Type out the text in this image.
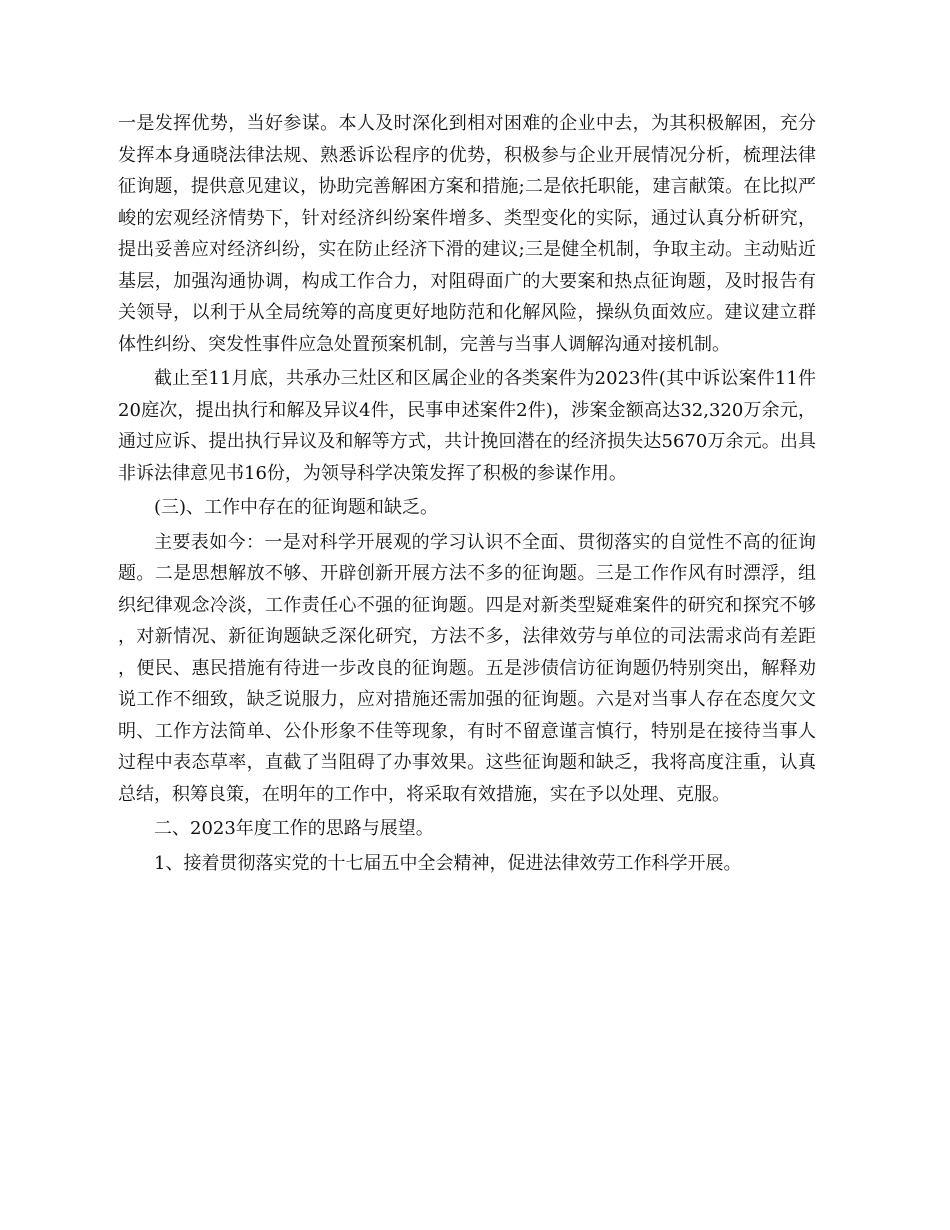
一是发挥优势，当好参谋。本人及时深化到相对困难的企业中去，为其积极解困，充分发挥本身通晓法律法规、熟悉诉讼程序的优势，积极参与企业开展情况分析，梳理法律征询题，提供意见建议，协助完善解困方案和措施;二是依托职能，建言献策。在比拟严峻的宏观经济情势下，针对经济纠纷案件增多、类型变化的实际，通过认真分析研究，提出妥善应对经济纠纷，实在防止经济下滑的建议;三是健全机制，争取主动。主动贴近基层，加强沟通协调，构成工作合力，对阻碍面广的大要案和热点征询题，及时报告有关领导，以利于从全局统筹的高度更好地防范和化解风险，操纵负面效应。建议建立群体性纠纷、突发性事件应急处置预案机制，完善与当事人调解沟通对接机制。

截止至11月底，共承办三灶区和区属企业的各类案件为2023件(其中诉讼案件11件20庭次，提出执行和解及异议4件，民事申述案件2件)，涉案金额高达32,320万余元，通过应诉、提出执行异议及和解等方式，共计挽回潜在的经济损失达5670万余元。出具非诉法律意见书16份，为领导科学决策发挥了积极的参谋作用。

(三)、工作中存在的征询题和缺乏。

主要表如今：一是对科学开展观的学习认识不全面、贯彻落实的自觉性不高的征询题。二是思想解放不够、开辟创新开展方法不多的征询题。三是工作作风有时漂浮，组织纪律观念冷淡，工作责任心不强的征询题。四是对新类型疑难案件的研究和探究不够，对新情况、新征询题缺乏深化研究，方法不多，法律效劳与单位的司法需求尚有差距，便民、惠民措施有待进一步改良的征询题。五是涉债信访征询题仍特别突出，解释劝说工作不细致，缺乏说服力，应对措施还需加强的征询题。六是对当事人存在态度欠文明、工作方法简单、公仆形象不佳等现象，有时不留意谨言慎行，特别是在接待当事人过程中表态草率，直截了当阻碍了办事效果。这些征询题和缺乏，我将高度注重，认真总结，积筹良策，在明年的工作中，将采取有效措施，实在予以处理、克服。

二、2023年度工作的思路与展望。

1、接着贯彻落实党的十七届五中全会精神，促进法律效劳工作科学开展。
